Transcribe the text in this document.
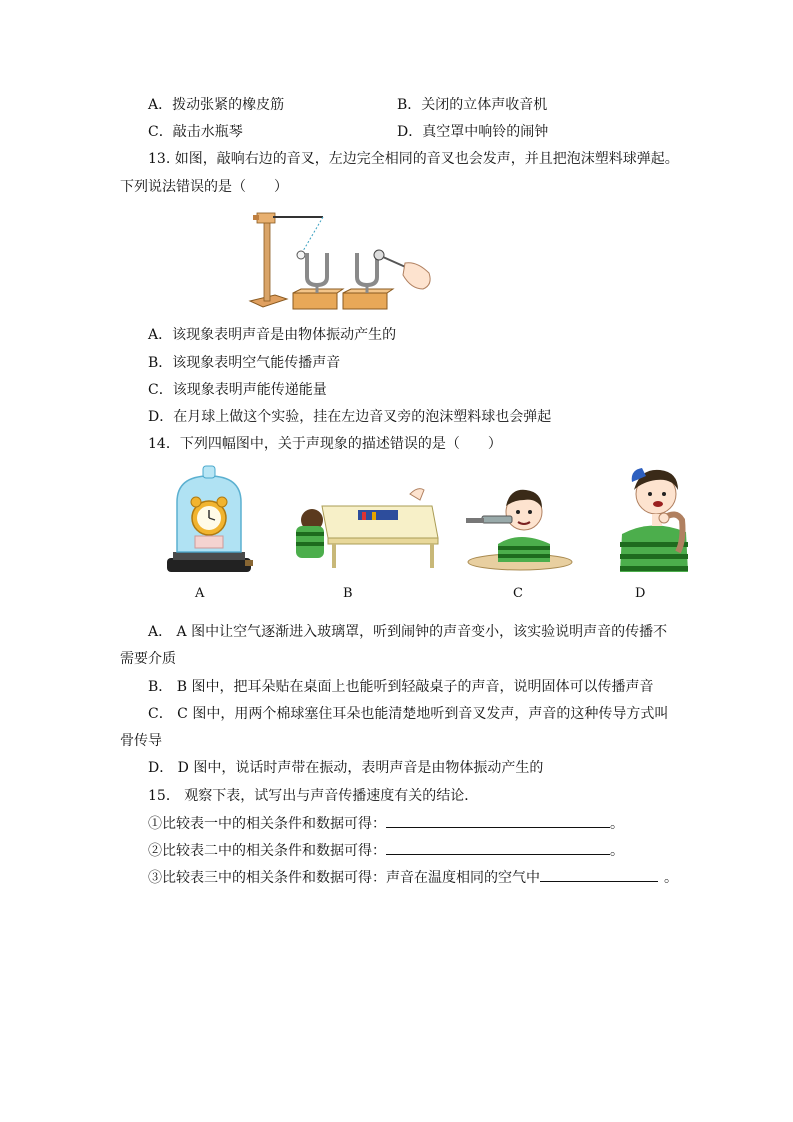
A．拨动张紧的橡皮筋	B．关闭的立体声收音机
C．敲击水瓶琴	D．真空罩中响铃的闹钟
13. 如图，敲响右边的音叉，左边完全相同的音叉也会发声，并且把泡沫塑料球弹起。
下列说法错误的是（　　）
A．该现象表明声音是由物体振动产生的
B．该现象表明空气能传播声音
C．该现象表明声能传递能量
D．在月球上做这个实验，挂在左边音叉旁的泡沫塑料球也会弹起
14．下列四幅图中，关于声现象的描述错误的是（　　）
A	B	C	D
A． A 图中让空气逐渐进入玻璃罩，听到闹钟的声音变小，该实验说明声音的传播不
需要介质
B． B 图中，把耳朵贴在桌面上也能听到轻敲桌子的声音，说明固体可以传播声音
C． C 图中，用两个棉球塞住耳朵也能清楚地听到音叉发声，声音的这种传导方式叫
骨传导
D． D 图中，说话时声带在振动，表明声音是由物体振动产生的
15． 观察下表，试写出与声音传播速度有关的结论．
①比较表一中的相关条件和数据可得：	。
②比较表二中的相关条件和数据可得：	。
③比较表三中的相关条件和数据可得：声音在温度相同的空气中	。
